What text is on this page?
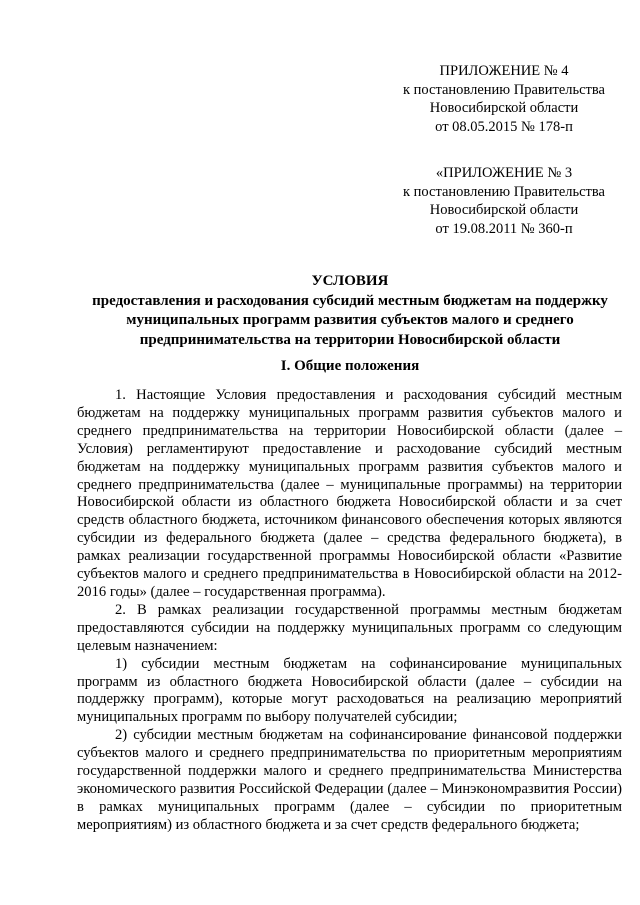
ПРИЛОЖЕНИЕ № 4
к постановлению Правительства
Новосибирской области
от 08.05.2015 № 178-п
«ПРИЛОЖЕНИЕ № 3
к постановлению Правительства
Новосибирской области
от 19.08.2011 № 360-п
УСЛОВИЯ
предоставления и расходования субсидий местным бюджетам на поддержку
муниципальных программ развития субъектов малого и среднего
предпринимательства на территории Новосибирской области
I. Общие положения

1. Настоящие Условия предоставления и расходования субсидий местным бюджетам на поддержку муниципальных программ развития субъектов малого и среднего предпринимательства на территории Новосибирской области (далее – Условия) регламентируют предоставление и расходование субсидий местным бюджетам на поддержку муниципальных программ развития субъектов малого и среднего предпринимательства (далее – муниципальные программы) на территории Новосибирской области из областного бюджета Новосибирской области и за счет средств областного бюджета, источником финансового обеспечения которых являются субсидии из федерального бюджета (далее – средства федерального бюджета), в рамках реализации государственной программы Новосибирской области «Развитие субъектов малого и среднего предпринимательства в Новосибирской области на 2012-2016 годы» (далее – государственная программа).

2. В рамках реализации государственной программы местным бюджетам предоставляются субсидии на поддержку муниципальных программ со следующим целевым назначением:

1) субсидии местным бюджетам на софинансирование муниципальных программ из областного бюджета Новосибирской области (далее – субсидии на поддержку программ), которые могут расходоваться на реализацию мероприятий муниципальных программ по выбору получателей субсидии;

2) субсидии местным бюджетам на софинансирование финансовой поддержки субъектов малого и среднего предпринимательства по приоритетным мероприятиям государственной поддержки малого и среднего предпринимательства Министерства экономического развития Российской Федерации (далее – Минэкономразвития России) в рамках муниципальных программ (далее – субсидии по приоритетным мероприятиям) из областного бюджета и за счет средств федерального бюджета;
